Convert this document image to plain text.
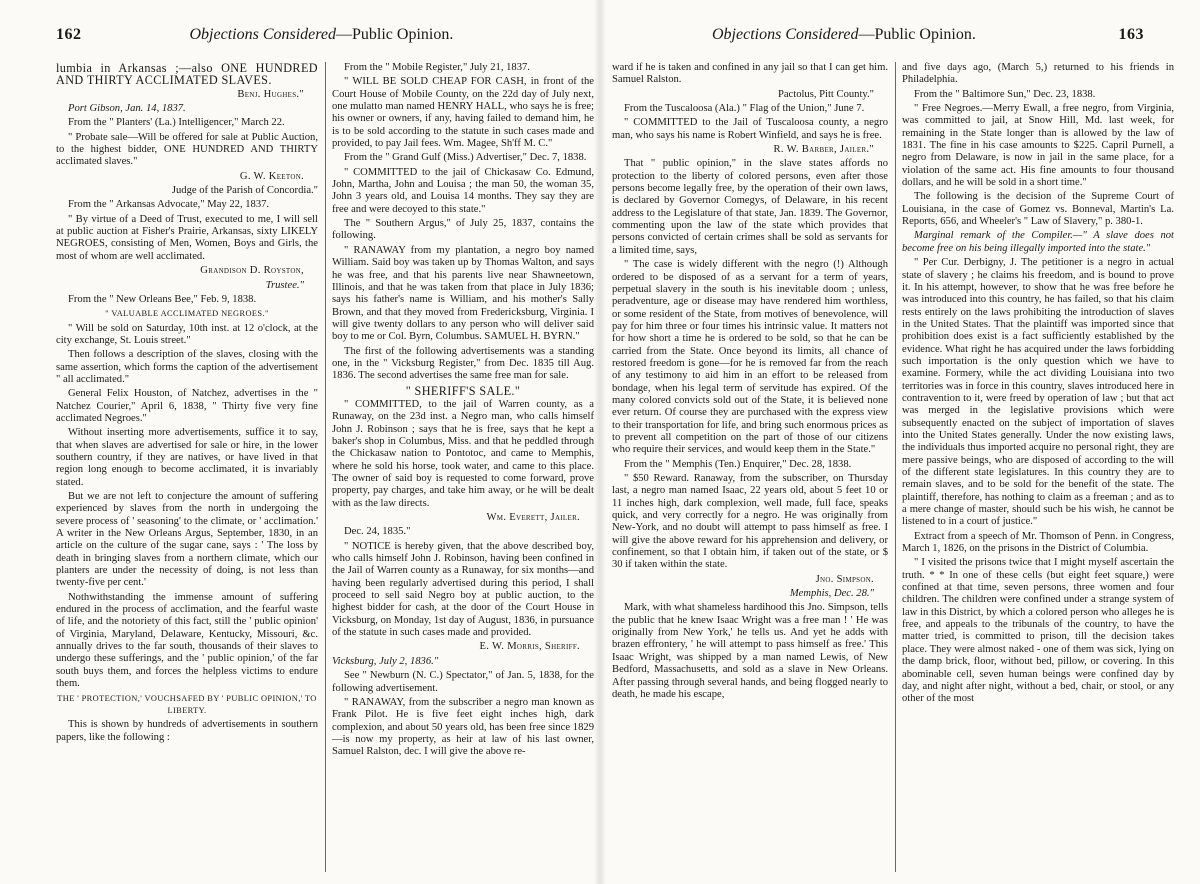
162	Objections Considered—Public Opinion.

lumbia in Arkansas ;—also ONE HUNDRED AND THIRTY ACCLIMATED SLAVES.

Benj. Hughes."

Port Gibson, Jan. 14, 1837.

From the " Planters' (La.) Intelligencer," March 22.

" Probate sale—Will be offered for sale at Public Auction, to the highest bidder, ONE HUNDRED AND THIRTY acclimated slaves."

G. W. Keeton.

Judge of the Parish of Concordia."

From the " Arkansas Advocate," May 22, 1837.

" By virtue of a Deed of Trust, executed to me, I will sell at public auction at Fisher's Prairie, Arkansas, sixty LIKELY NEGROES, consisting of Men, Women, Boys and Girls, the most of whom are well acclimated.

Grandison D. Royston,

Trustee."

From the " New Orleans Bee," Feb. 9, 1838.

" VALUABLE ACCLIMATED NEGROES."

" Will be sold on Saturday, 10th inst. at 12 o'clock, at the city exchange, St. Louis street."

Then follows a description of the slaves, closing with the same assertion, which forms the caption of the advertisement " all acclimated."

General Felix Houston, of Natchez, advertises in the " Natchez Courier," April 6, 1838, " Thirty five very fine acclimated Negroes."

Without inserting more advertisements, suffice it to say, that when slaves are advertised for sale or hire, in the lower southern country, if they are natives, or have lived in that region long enough to become acclimated, it is invariably stated.

But we are not left to conjecture the amount of suffering experienced by slaves from the north in undergoing the severe process of ' seasoning' to the climate, or ' acclimation.' A writer in the New Orleans Argus, September, 1830, in an article on the culture of the sugar cane, says : ' The loss by death in bringing slaves from a northern climate, which our planters are under the necessity of doing, is not less than twenty-five per cent.'

Nothwithstanding the immense amount of suffering endured in the process of acclimation, and the fearful waste of life, and the notoriety of this fact, still the ' public opinion' of Virginia, Maryland, Delaware, Kentucky, Missouri, &c. annually drives to the far south, thousands of their slaves to undergo these sufferings, and the ' public opinion,' of the far south buys them, and forces the helpless victims to endure them.

THE ' PROTECTION,' VOUCHSAFED BY ' PUBLIC OPINION,' TO LIBERTY.

This is shown by hundreds of advertisements in southern papers, like the following :

From the " Mobile Register," July 21, 1837.

" WILL BE SOLD CHEAP FOR CASH, in front of the Court House of Mobile County, on the 22d day of July next, one mulatto man named HENRY HALL, who says he is free; his owner or owners, if any, having failed to demand him, he is to be sold according to the statute in such cases made and provided, to pay Jail fees. Wm. Magee, Sh'ff M. C."

From the " Grand Gulf (Miss.) Advertiser," Dec. 7, 1838.

" COMMITTED to the jail of Chickasaw Co. Edmund, John, Martha, John and Louisa ; the man 50, the woman 35, John 3 years old, and Louisa 14 months. They say they are free and were decoyed to this state."

The " Southern Argus," of July 25, 1837, contains the following.

" RANAWAY from my plantation, a negro boy named William. Said boy was taken up by Thomas Walton, and says he was free, and that his parents live near Shawneetown, Illinois, and that he was taken from that place in July 1836; says his father's name is William, and his mother's Sally Brown, and that they moved from Fredericksburg, Virginia. I will give twenty dollars to any person who will deliver said boy to me or Col. Byrn, Columbus. SAMUEL H. BYRN."

The first of the following advertisements was a standing one, in the " Vicksburg Register," from Dec. 1835 till Aug. 1836. The second advertises the same free man for sale.

" SHERIFF'S SALE."

" COMMITTED, to the jail of Warren county, as a Runaway, on the 23d inst. a Negro man, who calls himself John J. Robinson ; says that he is free, says that he kept a baker's shop in Columbus, Miss. and that he peddled through the Chickasaw nation to Pontotoc, and came to Memphis, where he sold his horse, took water, and came to this place. The owner of said boy is requested to come forward, prove property, pay charges, and take him away, or he will be dealt with as the law directs.

Wm. Everett, Jailer.

Dec. 24, 1835."

" NOTICE is hereby given, that the above described boy, who calls himself John J. Robinson, having been confined in the Jail of Warren county as a Runaway, for six months—and having been regularly advertised during this period, I shall proceed to sell said Negro boy at public auction, to the highest bidder for cash, at the door of the Court House in Vicksburg, on Monday, 1st day of August, 1836, in pursuance of the statute in such cases made and provided.

E. W. Morris, Sheriff.

Vicksburg, July 2, 1836."

See " Newburn (N. C.) Spectator," of Jan. 5, 1838, for the following advertisement.

" RANAWAY, from the subscriber a negro man known as Frank Pilot. He is five feet eight inches high, dark complexion, and about 50 years old, has been free since 1829—is now my property, as heir at law of his last owner, Samuel Ralston, dec. I will give the above re-

Objections Considered—Public Opinion.	163

ward if he is taken and confined in any jail so that I can get him. Samuel Ralston.

Pactolus, Pitt County."

From the Tuscaloosa (Ala.) " Flag of the Union," June 7.

" COMMITTED to the Jail of Tuscaloosa county, a negro man, who says his name is Robert Winfield, and says he is free.

R. W. Barber, Jailer."

That " public opinion," in the slave states affords no protection to the liberty of colored persons, even after those persons become legally free, by the operation of their own laws, is declared by Governor Comegys, of Delaware, in his recent address to the Legislature of that state, Jan. 1839. The Governor, commenting upon the law of the state which provides that persons convicted of certain crimes shall be sold as servants for a limited time, says,

" The case is widely different with the negro (!) Although ordered to be disposed of as a servant for a term of years, perpetual slavery in the south is his inevitable doom ; unless, peradventure, age or disease may have rendered him worthless, or some resident of the State, from motives of benevolence, will pay for him three or four times his intrinsic value. It matters not for how short a time he is ordered to be sold, so that he can be carried from the State. Once beyond its limits, all chance of restored freedom is gone—for he is removed far from the reach of any testimony to aid him in an effort to be released from bondage, when his legal term of servitude has expired. Of the many colored convicts sold out of the State, it is believed none ever return. Of course they are purchased with the express view to their transportation for life, and bring such enormous prices as to prevent all competition on the part of those of our citizens who require their services, and would keep them in the State."

From the " Memphis (Ten.) Enquirer," Dec. 28, 1838.

" $50 Reward. Ranaway, from the subscriber, on Thursday last, a negro man named Isaac, 22 years old, about 5 feet 10 or 11 inches high, dark complexion, well made, full face, speaks quick, and very correctly for a negro. He was originally from New-York, and no doubt will attempt to pass himself as free. I will give the above reward for his apprehension and delivery, or confinement, so that I obtain him, if taken out of the state, or $ 30 if taken within the state.

Jno. Simpson.

Memphis, Dec. 28."

Mark, with what shameless hardihood this Jno. Simpson, tells the public that he knew Isaac Wright was a free man ! ' He was originally from New York,' he tells us. And yet he adds with brazen effrontery, ' he will attempt to pass himself as free.' This Isaac Wright, was shipped by a man named Lewis, of New Bedford, Massachusetts, and sold as a slave in New Orleans. After passing through several hands, and being flogged nearly to death, he made his escape,

and five days ago, (March 5,) returned to his friends in Philadelphia.

From the " Baltimore Sun," Dec. 23, 1838.

" Free Negroes.—Merry Ewall, a free negro, from Virginia, was committed to jail, at Snow Hill, Md. last week, for remaining in the State longer than is allowed by the law of 1831. The fine in his case amounts to $225. Capril Purnell, a negro from Delaware, is now in jail in the same place, for a violation of the same act. His fine amounts to four thousand dollars, and he will be sold in a short time."

The following is the decision of the Supreme Court of Louisiana, in the case of Gomez vs. Bonneval, Martin's La. Reports, 656, and Wheeler's " Law of Slavery," p. 380-1.

Marginal remark of the Compiler.—" A slave does not become free on his being illegally imported into the state."

" Per Cur. Derbigny, J. The petitioner is a negro in actual state of slavery ; he claims his freedom, and is bound to prove it. In his attempt, however, to show that he was free before he was introduced into this country, he has failed, so that his claim rests entirely on the laws prohibiting the introduction of slaves in the United States. That the plaintiff was imported since that prohibition does exist is a fact sufficiently established by the evidence. What right he has acquired under the laws forbidding such importation is the only question which we have to examine. Formery, while the act dividing Louisiana into two territories was in force in this country, slaves introduced here in contravention to it, were freed by operation of law ; but that act was merged in the legislative provisions which were subsequently enacted on the subject of importation of slaves into the United States generally. Under the now existing laws, the individuals thus imported acquire no personal right, they are mere passive beings, who are disposed of according to the will of the different state legislatures. In this country they are to remain slaves, and to be sold for the benefit of the state. The plaintiff, therefore, has nothing to claim as a freeman ; and as to a mere change of master, should such be his wish, he cannot be listened to in a court of justice."

Extract from a speech of Mr. Thomson of Penn. in Congress, March 1, 1826, on the prisons in the District of Columbia.

" I visited the prisons twice that I might myself ascertain the truth. * * In one of these cells (but eight feet square,) were confined at that time, seven persons, three women and four children. The children were confined under a strange system of law in this District, by which a colored person who alleges he is free, and appeals to the tribunals of the country, to have the matter tried, is committed to prison, till the decision takes place. They were almost naked - one of them was sick, lying on the damp brick, floor, without bed, pillow, or covering. In this abominable cell, seven human beings were confined day by day, and night after night, without a bed, chair, or stool, or any other of the most
